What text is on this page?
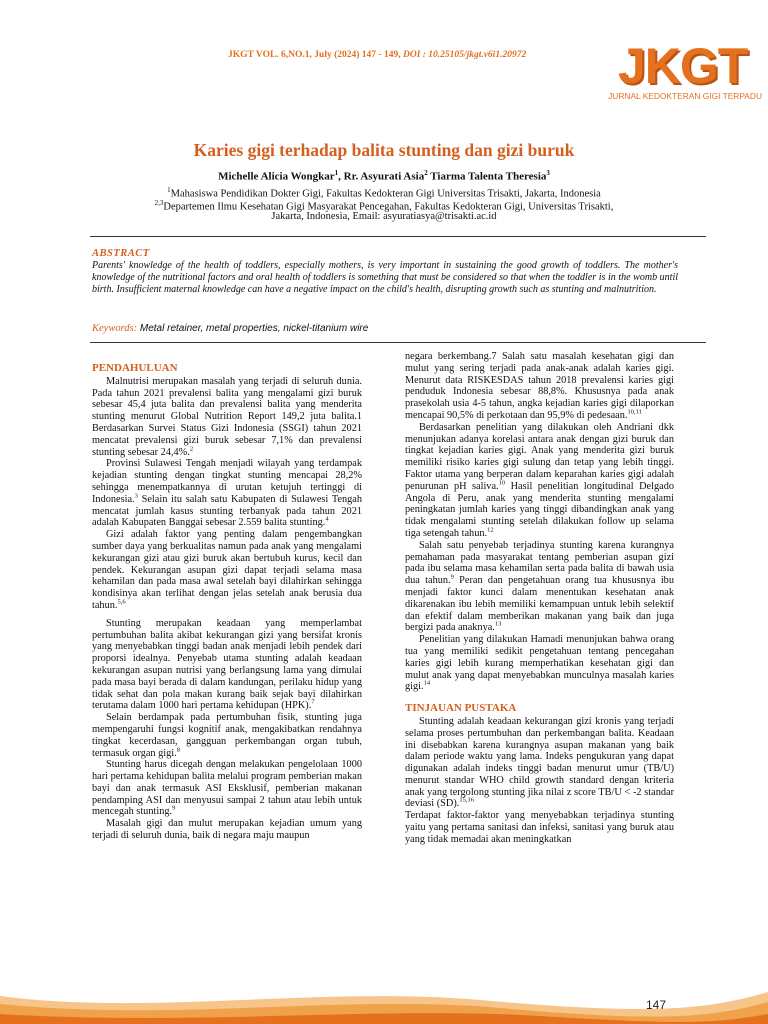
JKGT VOL. 6,NO.1, July (2024) 147 - 149, DOI : 10.25105/jkgt.v6i1.20972 JKGT
JURNAL KEDOKTERAN GIGI TERPADU
Karies gigi terhadap balita stunting dan gizi buruk
Michelle Alicia Wongkar$^1$, Rr. Asyurati Asia$^2$ Tiarma Talenta Theresia$^3$
$^1$Mahasiswa Pendidikan Dokter Gigi, Fakultas Kedokteran Gigi Universitas Trisakti, Jakarta, Indonesia
$^{2,3}$Departemen Ilmu Kesehatan Gigi Masyarakat Pencegahan, Fakultas Kedokteran Gigi, Universitas Trisakti,
Jakarta, Indonesia, Email: asyuratiasya@trisakti.ac.id
ABSTRACT
Parents' knowledge of the health of toddlers, especially mothers, is very important in sustaining the good growth of toddlers. The mother's knowledge of the nutritional factors and oral health of toddlers is something that must be considered so that when the toddler is in the womb until birth. Insufficient maternal knowledge can have a negative impact on the child's health, disrupting growth such as stunting and malnutrition.
Keywords: Metal retainer, metal properties, nickel-titanium wire
PENDAHULUAN

Malnutrisi merupakan masalah yang terjadi di seluruh dunia. Pada tahun 2021 prevalensi balita yang mengalami gizi buruk sebesar 45,4 juta balita dan prevalensi balita yang menderita stunting menurut Global Nutrition Report 149,2 juta balita.1 Berdasarkan Survei Status Gizi Indonesia (SSGI) tahun 2021 mencatat prevalensi gizi buruk sebesar 7,1% dan prevalensi stunting sebesar 24,4%.$^2$

Provinsi Sulawesi Tengah menjadi wilayah yang terdampak kejadian stunting dengan tingkat stunting mencapai 28,2% sehingga menempatkannya di urutan ketujuh tertinggi di Indonesia.$^3$ Selain itu salah satu Kabupaten di Sulawesi Tengah mencatat jumlah kasus stunting terbanyak pada tahun 2021 adalah Kabupaten Banggai sebesar 2.559 balita stunting.$^4$

Gizi adalah faktor yang penting dalam pengembangkan sumber daya yang berkualitas namun pada anak yang mengalami kekurangan gizi atau gizi buruk akan bertubuh kurus, kecil dan pendek. Kekurangan asupan gizi dapat terjadi selama masa kehamilan dan pada masa awal setelah bayi dilahirkan sehingga kondisinya akan terlihat dengan jelas setelah anak berusia dua tahun.$^{5,6}$

Stunting merupakan keadaan yang memperlambat pertumbuhan balita akibat kekurangan gizi yang bersifat kronis yang menyebabkan tinggi badan anak menjadi lebih pendek dari proporsi idealnya. Penyebab utama stunting adalah keadaan kekurangan asupan nutrisi yang berlangsung lama yang dimulai pada masa bayi berada di dalam kandungan, perilaku hidup yang tidak sehat dan pola makan kurang baik sejak bayi dilahirkan terutama dalam 1000 hari pertama kehidupan (HPK).$^7$

Selain berdampak pada pertumbuhan fisik, stunting juga mempengaruhi fungsi kognitif anak, mengakibatkan rendahnya tingkat kecerdasan, gangguan perkembangan organ tubuh, termasuk organ gigi.$^8$

Stunting harus dicegah dengan melakukan pengelolaan 1000 hari pertama kehidupan balita melalui program pemberian makan bayi dan anak termasuk ASI Eksklusif, pemberian makanan pendamping ASI dan menyusui sampai 2 tahun atau lebih untuk mencegah stunting.$^9$

Masalah gigi dan mulut merupakan kejadian umum yang terjadi di seluruh dunia, baik di negara maju maupun

negara berkembang.7 Salah satu masalah kesehatan gigi dan mulut yang sering terjadi pada anak-anak adalah karies gigi. Menurut data RISKESDAS tahun 2018 prevalensi karies gigi penduduk Indonesia sebesar 88,8%. Khususnya pada anak prasekolah usia 4-5 tahun, angka kejadian karies gigi dilaporkan mencapai 90,5% di perkotaan dan 95,9% di pedesaan.$^{10,11}$

Berdasarkan penelitian yang dilakukan oleh Andriani dkk menunjukan adanya korelasi antara anak dengan gizi buruk dan tingkat kejadian karies gigi. Anak yang menderita gizi buruk memiliki risiko karies gigi sulung dan tetap yang lebih tinggi. Faktor utama yang berperan dalam keparahan karies gigi adalah penurunan pH saliva.$^{10}$ Hasil penelitian longitudinal Delgado Angola di Peru, anak yang menderita stunting mengalami peningkatan jumlah karies yang tinggi dibandingkan anak yang tidak mengalami stunting setelah dilakukan follow up selama tiga setengah tahun.$^{12}$

Salah satu penyebab terjadinya stunting karena kurangnya pemahaman pada masyarakat tentang pemberian asupan gizi pada ibu selama masa kehamilan serta pada balita di bawah usia dua tahun.$^9$ Peran dan pengetahuan orang tua khususnya ibu menjadi faktor kunci dalam menentukan kesehatan anak dikarenakan ibu lebih memiliki kemampuan untuk lebih selektif dan efektif dalam memberikan makanan yang baik dan juga bergizi pada anaknya.$^{13}$

Penelitian yang dilakukan Hamadi menunjukan bahwa orang tua yang memiliki sedikit pengetahuan tentang pencegahan karies gigi lebih kurang memperhatikan kesehatan gigi dan mulut anak yang dapat menyebabkan munculnya masalah karies gigi.$^{14}$

TINJAUAN PUSTAKA

Stunting adalah keadaan kekurangan gizi kronis yang terjadi selama proses pertumbuhan dan perkembangan balita. Keadaan ini disebabkan karena kurangnya asupan makanan yang baik dalam periode waktu yang lama. Indeks pengukuran yang dapat digunakan adalah indeks tinggi badan menurut umur (TB/U) menurut standar WHO child growth standard dengan kriteria anak yang tergolong stunting jika nilai z score TB/U < -2 standar deviasi (SD).$^{15,16}$

Terdapat faktor-faktor yang menyebabkan terjadinya stunting yaitu yang pertama sanitasi dan infeksi, sanitasi yang buruk atau yang tidak memadai akan meningkatkan

147
